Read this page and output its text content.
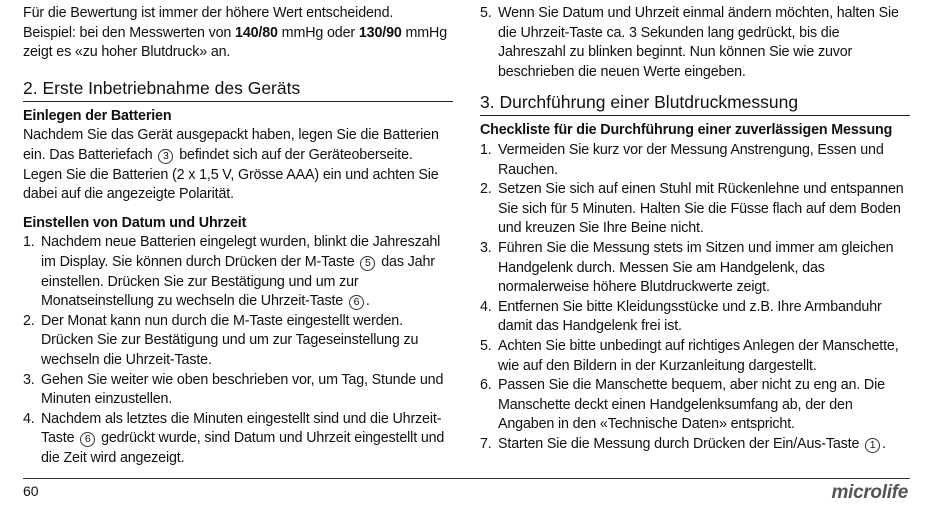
Für die Bewertung ist immer der höhere Wert entscheidend.

Beispiel: bei den Messwerten von 140/80 mmHg oder 130/90 mmHg

zeigt es «zu hoher Blutdruck» an.

2. Erste Inbetriebnahme des Geräts
Einlegen der Batterien

Nachdem Sie das Gerät ausgepackt haben, legen Sie die Batterien ein. Das Batteriefach 3 befindet sich auf der Geräteoberseite. Legen Sie die Batterien (2 x 1,5 V, Grösse AAA) ein und achten Sie dabei auf die angezeigte Polarität.

Einstellen von Datum und Uhrzeit
1. Nachdem neue Batterien eingelegt wurden, blinkt die Jahreszahl im Display. Sie können durch Drücken der M-Taste 5 das Jahr einstellen. Drücken Sie zur Bestätigung und um zur Monatseinstellung zu wechseln die Uhrzeit-Taste 6 .
2. Der Monat kann nun durch die M-Taste eingestellt werden. Drücken Sie zur Bestätigung und um zur Tageseinstellung zu wechseln die Uhrzeit-Taste.
3. Gehen Sie weiter wie oben beschrieben vor, um Tag, Stunde und Minuten einzustellen.
4. Nachdem als letztes die Minuten eingestellt sind und die Uhrzeit-Taste 6 gedrückt wurde, sind Datum und Uhrzeit eingestellt und die Zeit wird angezeigt.
5. Wenn Sie Datum und Uhrzeit einmal ändern möchten, halten Sie die Uhrzeit-Taste ca. 3 Sekunden lang gedrückt, bis die Jahreszahl zu blinken beginnt. Nun können Sie wie zuvor beschrieben die neuen Werte eingeben.
3. Durchführung einer Blutdruckmessung
Checkliste für die Durchführung einer zuverlässigen Messung
1. Vermeiden Sie kurz vor der Messung Anstrengung, Essen und Rauchen.
2. Setzen Sie sich auf einen Stuhl mit Rückenlehne und entspannen Sie sich für 5 Minuten. Halten Sie die Füsse flach auf dem Boden und kreuzen Sie Ihre Beine nicht.
3. Führen Sie die Messung stets im Sitzen und immer am gleichen Handgelenk durch. Messen Sie am Handgelenk, das normalerweise höhere Blutdruckwerte zeigt.
4. Entfernen Sie bitte Kleidungsstücke und z.B. Ihre Armbanduhr damit das Handgelenk frei ist.
5. Achten Sie bitte unbedingt auf richtiges Anlegen der Manschette, wie auf den Bildern in der Kurzanleitung dargestellt.
6. Passen Sie die Manschette bequem, aber nicht zu eng an. Die Manschette deckt einen Handgelenksumfang ab, der den Angaben in den «Technische Daten» entspricht.
7. Starten Sie die Messung durch Drücken der Ein/Aus-Taste 1 .
60	microlife
